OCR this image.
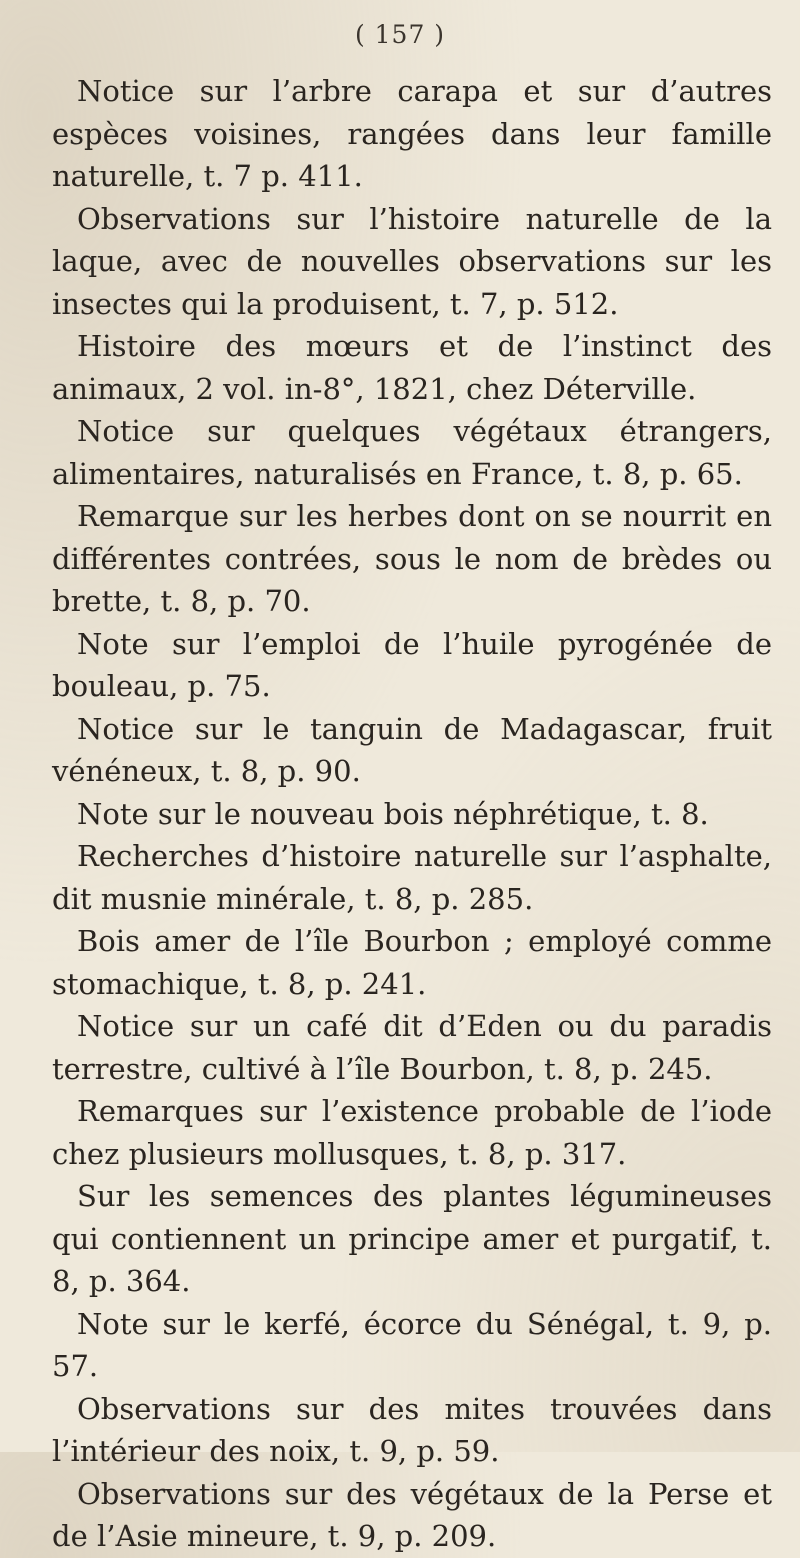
( 157 )

Notice sur l’arbre carapa et sur d’autres espèces voisines, rangées dans leur famille naturelle, t. 7 p. 411.

Observations sur l’histoire naturelle de la laque, avec de nouvelles observations sur les insectes qui la produisent, t. 7, p. 512.

Histoire des mœurs et de l’instinct des animaux, 2 vol. in-8°, 1821, chez Déterville.

Notice sur quelques végétaux étrangers, alimentaires, naturalisés en France, t. 8, p. 65.

Remarque sur les herbes dont on se nourrit en différentes contrées, sous le nom de brèdes ou brette, t. 8, p. 70.

Note sur l’emploi de l’huile pyrogénée de bouleau, p. 75.

Notice sur le tanguin de Madagascar, fruit vénéneux, t. 8, p. 90.

Note sur le nouveau bois néphrétique, t. 8.

Recherches d’histoire naturelle sur l’asphalte, dit musnie minérale, t. 8, p. 285.

Bois amer de l’île Bourbon ; employé comme stomachique, t. 8, p. 241.

Notice sur un café dit d’Eden ou du paradis terrestre, cultivé à l’île Bourbon, t. 8, p. 245.

Remarques sur l’existence probable de l’iode chez plusieurs mollusques, t. 8, p. 317.

Sur les semences des plantes légumineuses qui contiennent un principe amer et purgatif, t. 8, p. 364.

Note sur le kerfé, écorce du Sénégal, t. 9, p. 57.

Observations sur des mites trouvées dans l’intérieur des noix, t. 9, p. 59.

Observations sur des végétaux de la Perse et de l’Asie mineure, t. 9, p. 209.
